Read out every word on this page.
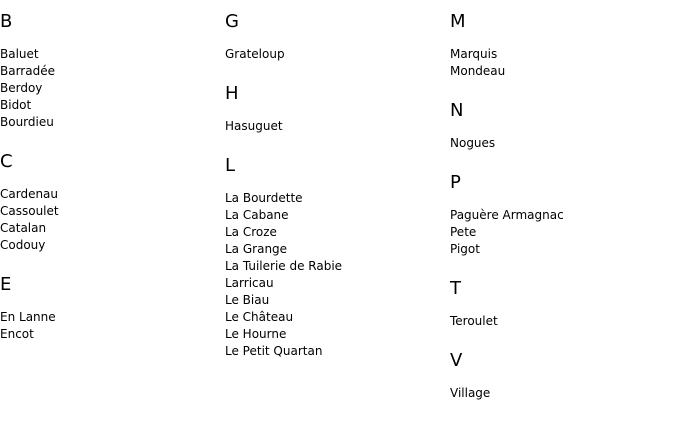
B
Baluet
Barradée
Berdoy
Bidot
Bourdieu
C
Cardenau
Cassoulet
Catalan
Codouy
E
En Lanne
Encot
G
Grateloup
H
Hasuguet
L
La Bourdette
La Cabane
La Croze
La Grange
La Tuilerie de Rabie
Larricau
Le Biau
Le Château
Le Hourne
Le Petit Quartan
M
Marquis
Mondeau
N
Nogues
P
Paguère Armagnac
Pete
Pigot
T
Teroulet
V
Village
